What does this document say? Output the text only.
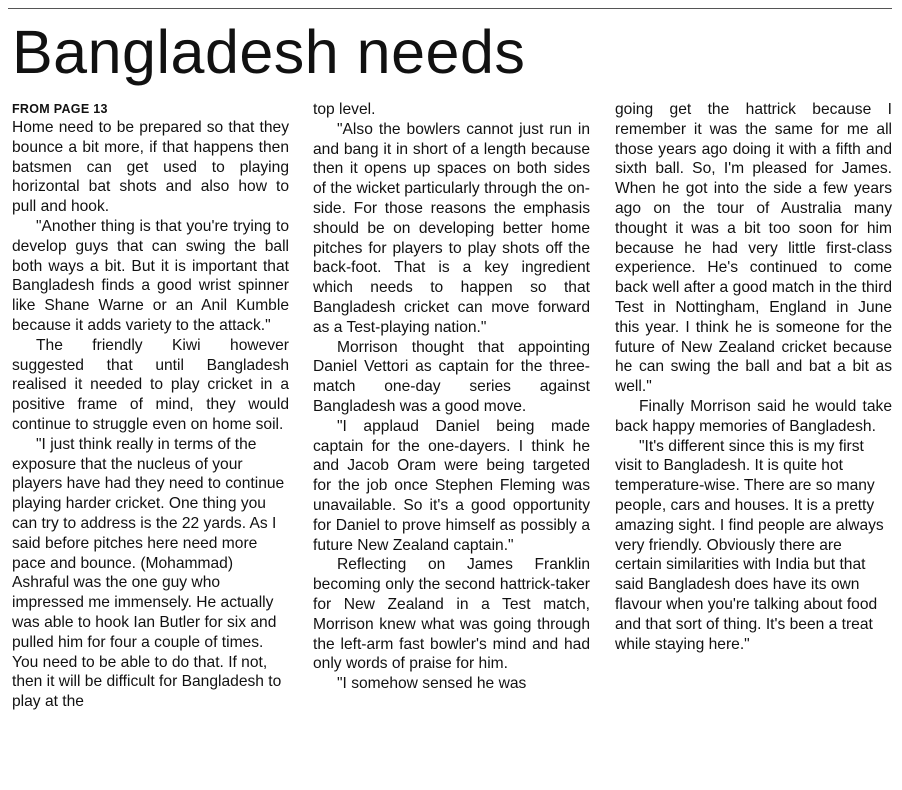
Bangladesh needs
FROM PAGE 13

Home need to be prepared so that they bounce a bit more, if that happens then batsmen can get used to playing horizontal bat shots and also how to pull and hook.

"Another thing is that you're trying to develop guys that can swing the ball both ways a bit. But it is important that Bangladesh finds a good wrist spinner like Shane Warne or an Anil Kumble because it adds variety to the attack."

The friendly Kiwi however suggested that until Bangladesh realised it needed to play cricket in a positive frame of mind, they would continue to struggle even on home soil.

"I just think really in terms of the exposure that the nucleus of your players have had they need to continue playing harder cricket. One thing you can try to address is the 22 yards. As I said before pitches here need more pace and bounce. (Mohammad) Ashraful was the one guy who impressed me immensely. He actually was able to hook Ian Butler for six and pulled him for four a couple of times. You need to be able to do that. If not, then it will be difficult for Bangladesh to play at the

top level.

"Also the bowlers cannot just run in and bang it in short of a length because then it opens up spaces on both sides of the wicket particularly through the on-side. For those reasons the emphasis should be on developing better home pitches for players to play shots off the back-foot. That is a key ingredient which needs to happen so that Bangladesh cricket can move forward as a Test-playing nation."

Morrison thought that appointing Daniel Vettori as captain for the three-match one-day series against Bangladesh was a good move.

"I applaud Daniel being made captain for the one-dayers. I think he and Jacob Oram were being targeted for the job once Stephen Fleming was unavailable. So it's a good opportunity for Daniel to prove himself as possibly a future New Zealand captain."

Reflecting on James Franklin becoming only the second hattrick-taker for New Zealand in a Test match, Morrison knew what was going through the left-arm fast bowler's mind and had only words of praise for him.

"I somehow sensed he was

going get the hattrick because I remember it was the same for me all those years ago doing it with a fifth and sixth ball. So, I'm pleased for James. When he got into the side a few years ago on the tour of Australia many thought it was a bit too soon for him because he had very little first-class experience. He's continued to come back well after a good match in the third Test in Nottingham, England in June this year. I think he is someone for the future of New Zealand cricket because he can swing the ball and bat a bit as well."

Finally Morrison said he would take back happy memories of Bangladesh.

"It's different since this is my first visit to Bangladesh. It is quite hot temperature-wise. There are so many people, cars and houses. It is a pretty amazing sight. I find people are always very friendly. Obviously there are certain similarities with India but that said Bangladesh does have its own flavour when you're talking about food and that sort of thing. It's been a treat while staying here."
